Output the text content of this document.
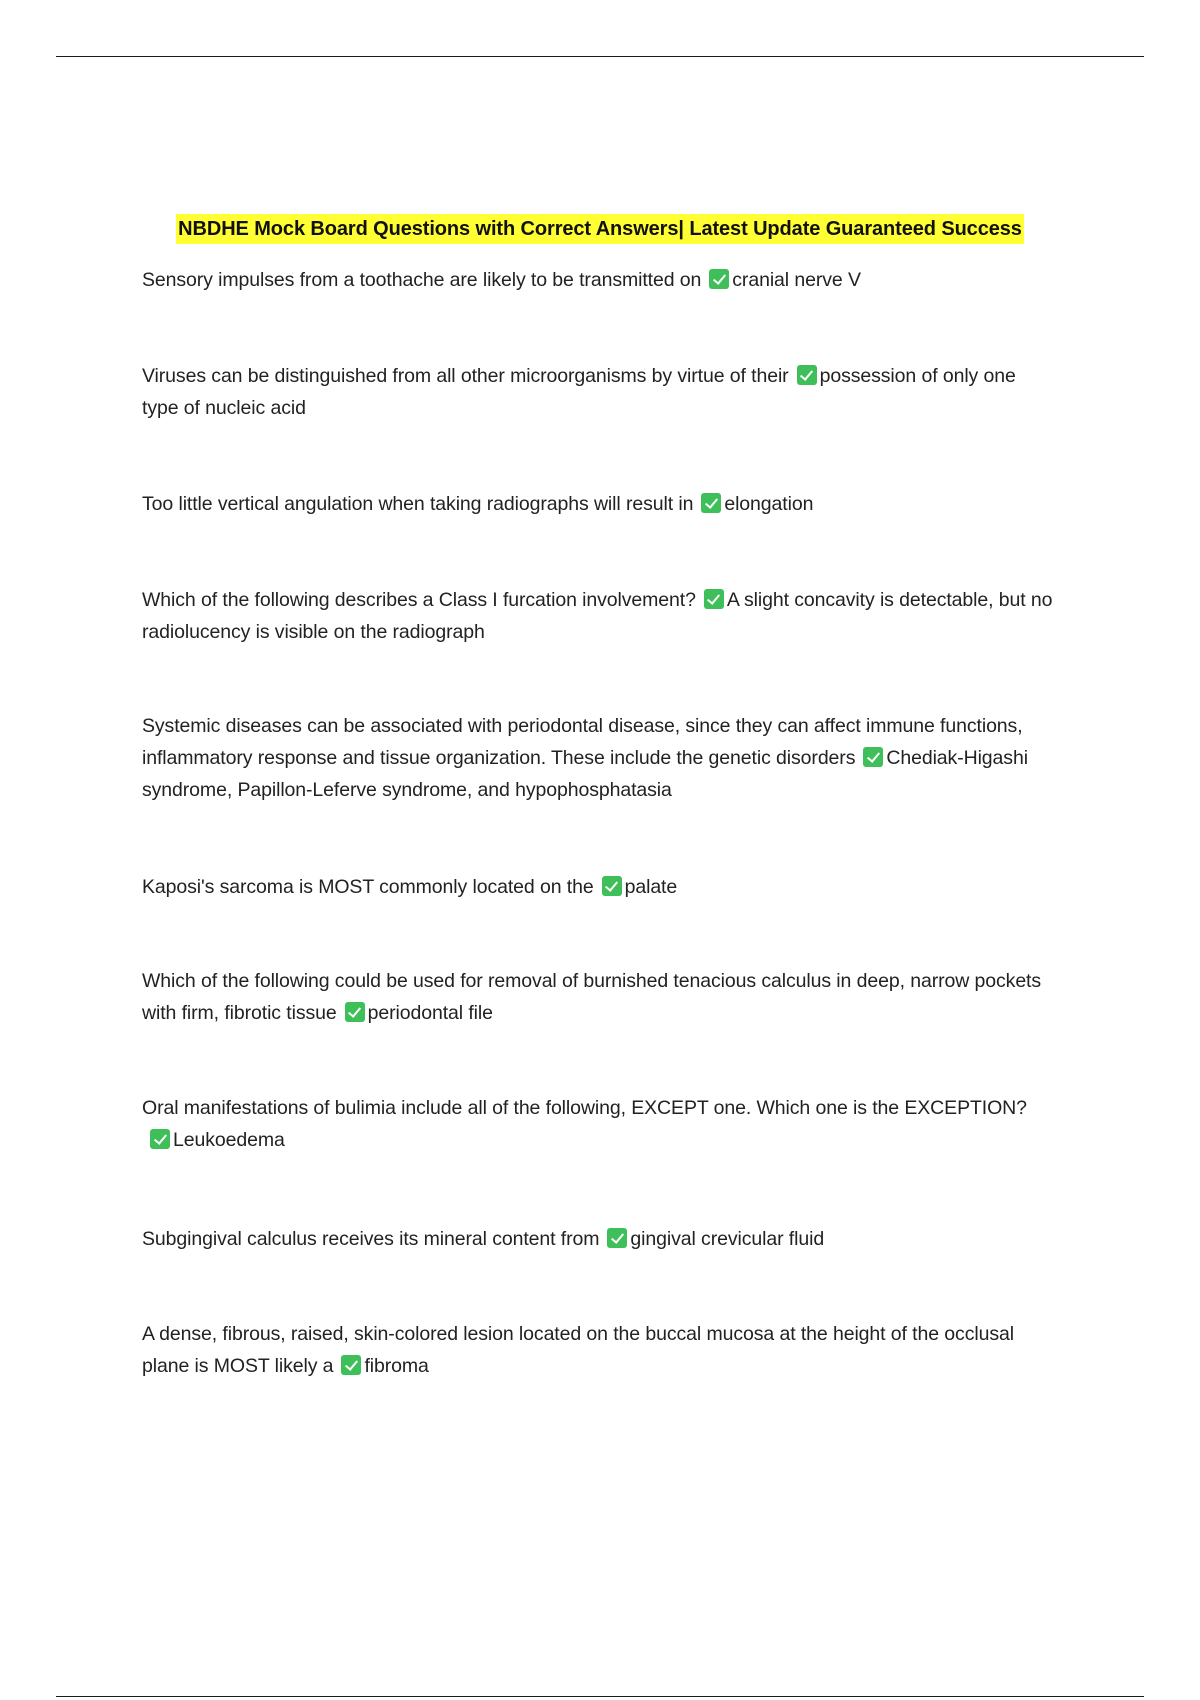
NBDHE Mock Board Questions with Correct Answers| Latest Update Guaranteed Success
Sensory impulses from a toothache are likely to be transmitted on cranial nerve V
Viruses can be distinguished from all other microorganisms by virtue of their possession of only one type of nucleic acid
Too little vertical angulation when taking radiographs will result in elongation
Which of the following describes a Class I furcation involvement? A slight concavity is detectable, but no radiolucency is visible on the radiograph
Systemic diseases can be associated with periodontal disease, since they can affect immune functions, inflammatory response and tissue organization. These include the genetic disorders Chediak-Higashi syndrome, Papillon-Leferve syndrome, and hypophosphatasia
Kaposi's sarcoma is MOST commonly located on the palate
Which of the following could be used for removal of burnished tenacious calculus in deep, narrow pockets with firm, fibrotic tissue periodontal file
Oral manifestations of bulimia include all of the following, EXCEPT one. Which one is the EXCEPTION?Leukoedema
Subgingival calculus receives its mineral content from gingival crevicular fluid
A dense, fibrous, raised, skin-colored lesion located on the buccal mucosa at the height of the occlusal plane is MOST likely a fibroma
